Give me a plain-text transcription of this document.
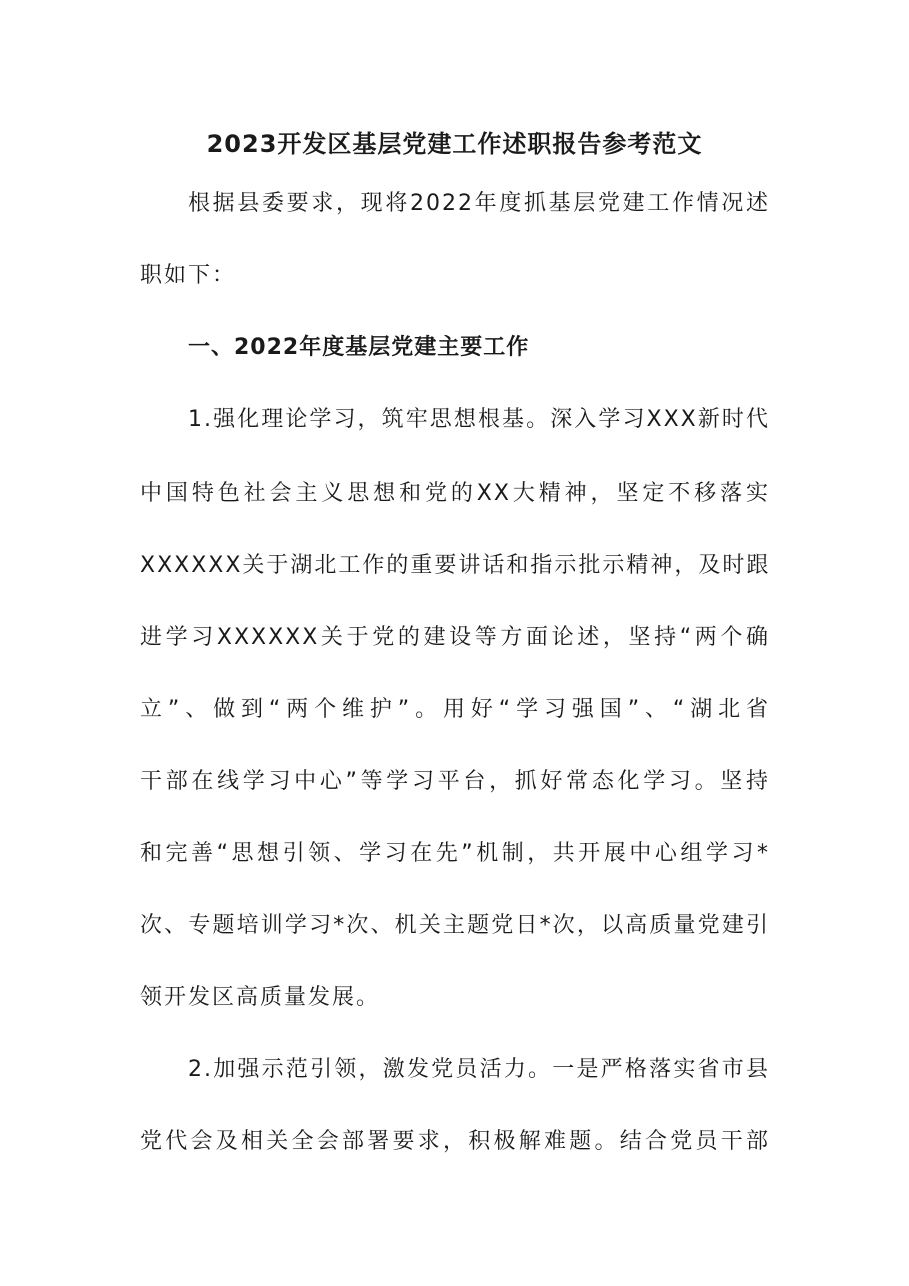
2023开发区基层党建工作述职报告参考范文
根据县委要求，现将2022年度抓基层党建工作情况述
职如下：
一、2022年度基层党建主要工作
1.强化理论学习，筑牢思想根基。深入学习XXX新时代
中国特色社会主义思想和党的XX大精神，坚定不移落实
XXXXXX关于湖北工作的重要讲话和指示批示精神，及时跟
进学习XXXXXX关于党的建设等方面论述，坚持“两个确
立”、做到“两个维护”。用好“学习强国”、“湖北省
干部在线学习中心”等学习平台，抓好常态化学习。坚持
和完善“思想引领、学习在先”机制，共开展中心组学习*
次、专题培训学习*次、机关主题党日*次，以高质量党建引
领开发区高质量发展。
2.加强示范引领，激发党员活力。一是严格落实省市县
党代会及相关全会部署要求，积极解难题。结合党员干部
